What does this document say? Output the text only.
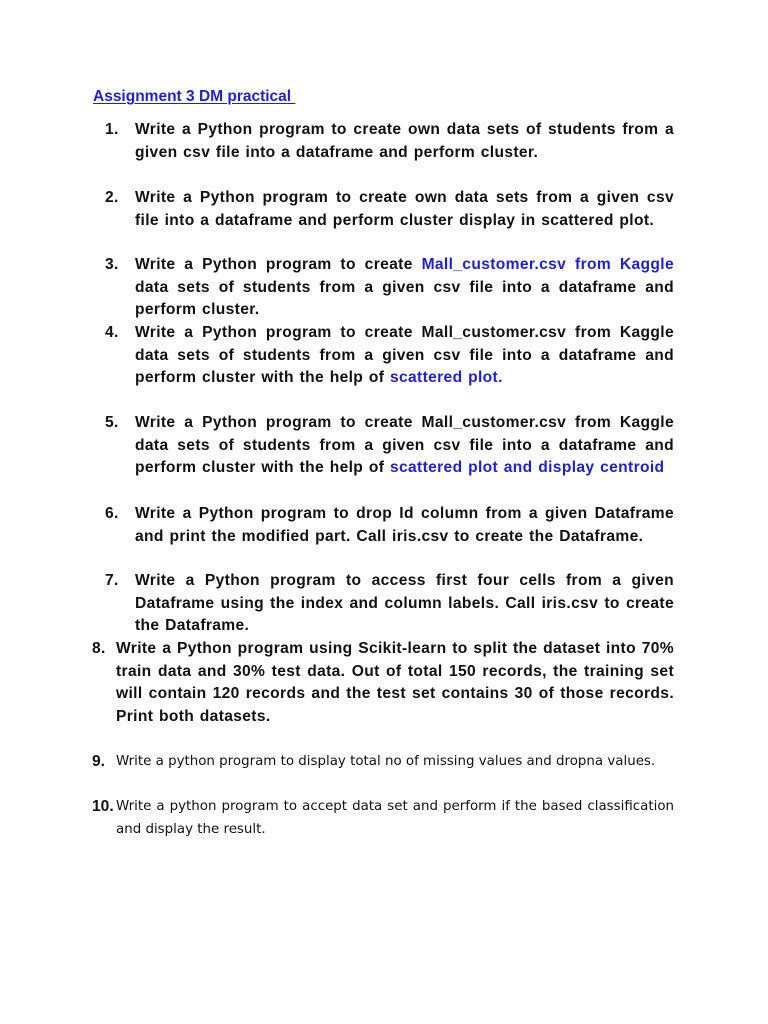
Assignment 3 DM practical

1.	Write a Python program to create own data sets of students from a given csv file into a dataframe and perform cluster.

2.	Write a Python program to create own data sets from a given csv file into a dataframe and perform cluster display in scattered plot.

3.	Write a Python program to create Mall_customer.csv from Kaggle data sets of students from a given csv file into a dataframe and perform cluster.

4.	Write a Python program to create Mall_customer.csv from Kaggle data sets of students from a given csv file into a dataframe and perform cluster with the help of scattered plot.

5.	Write a Python program to create Mall_customer.csv from Kaggle data sets of students from a given csv file into a dataframe and perform cluster with the help of scattered plot and display centroid

6.	Write a Python program to drop Id column from a given Dataframe and print the modified part. Call iris.csv to create the Dataframe.

7.	Write a Python program to access first four cells from a given Dataframe using the index and column labels. Call iris.csv to create the Dataframe.

8. Write a Python program using Scikit-learn to split the dataset into 70% train data and 30% test data. Out of total 150 records, the training set will contain 120 records and the test set contains 30 of those records. Print both datasets.

9. Write a python program to display total no of missing values and dropna values.

10. Write a python program to accept data set and perform if the based classification and display the result.
